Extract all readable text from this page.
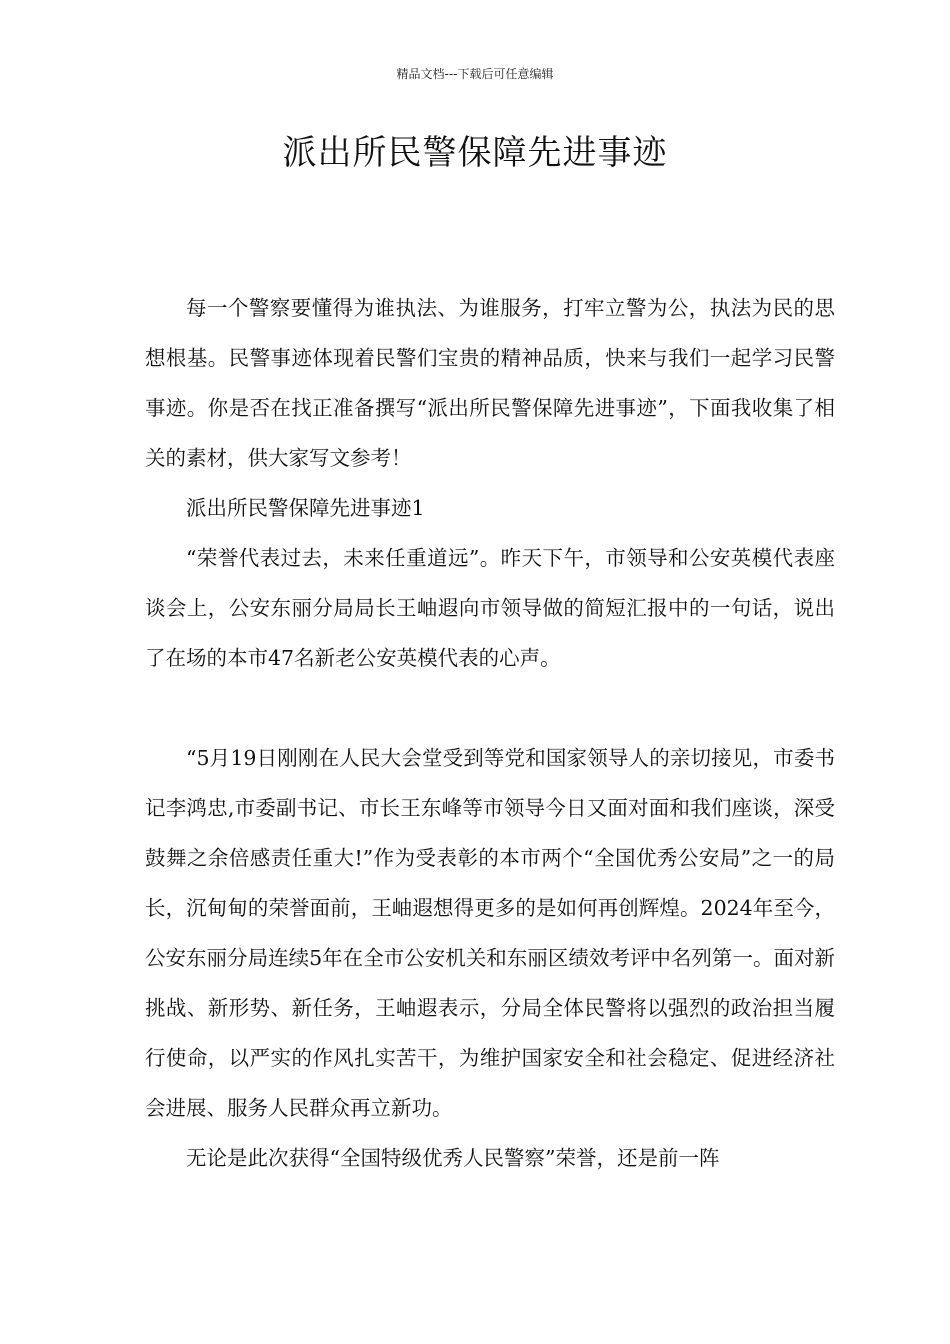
精品文档---下载后可任意编辑
派出所民警保障先进事迹

每一个警察要懂得为谁执法、为谁服务，打牢立警为公，执法为民的思想根基。民警事迹体现着民警们宝贵的精神品质，快来与我们一起学习民警事迹。你是否在找正准备撰写“派出所民警保障先进事迹”，下面我收集了相关的素材，供大家写文参考！

派出所民警保障先进事迹1

“荣誉代表过去，未来任重道远”。昨天下午，市领导和公安英模代表座谈会上，公安东丽分局局长王岫遐向市领导做的简短汇报中的一句话，说出了在场的本市47名新老公安英模代表的心声。

“5月19日刚刚在人民大会堂受到等党和国家领导人的亲切接见，市委书记李鸿忠,市委副书记、市长王东峰等市领导今日又面对面和我们座谈，深受鼓舞之余倍感责任重大!”作为受表彰的本市两个“全国优秀公安局”之一的局长，沉甸甸的荣誉面前，王岫遐想得更多的是如何再创辉煌。2024年至今，公安东丽分局连续5年在全市公安机关和东丽区绩效考评中名列第一。面对新挑战、新形势、新任务，王岫遐表示，分局全体民警将以强烈的政治担当履行使命，以严实的作风扎实苦干，为维护国家安全和社会稳定、促进经济社会进展、服务人民群众再立新功。

无论是此次获得“全国特级优秀人民警察”荣誉，还是前一阵
